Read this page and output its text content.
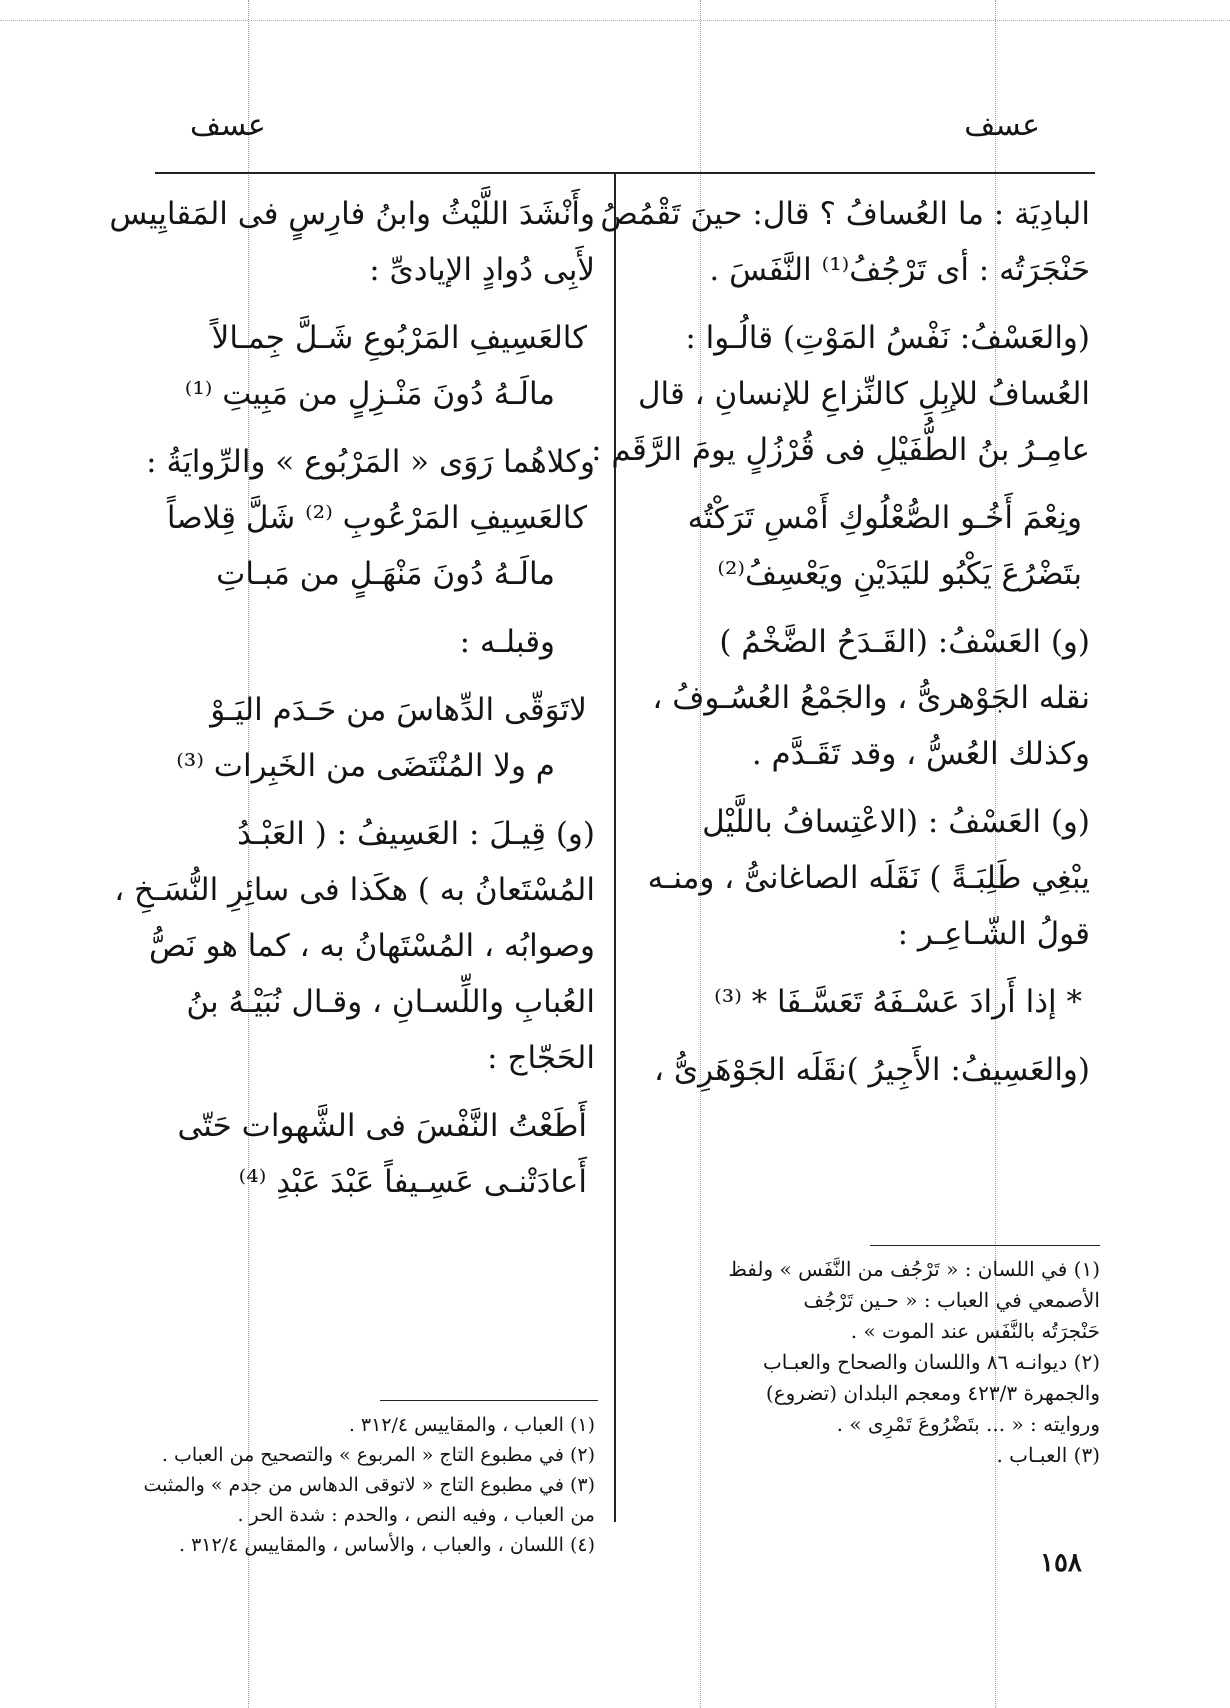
عسف
عسف
البادِيَة : ما العُسافُ ؟ قال: حينَ تَقْمُصُ
حَنْجَرَتُه : أى تَرْجُفُ⁽¹⁾ النَّفَسَ .
(والعَسْفُ: نَفْسُ المَوْتِ) قالُـوا :
العُسافُ للإبِلِ كالنِّزاعِ للإنسانِ ، قال
عامِـرُ بنُ الطُّفَيْلِ فى قُرْزُلٍ يومَ الرَّقَم :
ونِعْمَ أَخُـو الصُّعْلُوكِ أَمْسِ تَرَكْتُه
بتَضْرُعَ يَكْبُو لليَدَيْنِ ويَعْسِفُ⁽²⁾
(و) العَسْفُ: (القَـدَحُ الضَّخْمُ )
نقله الجَوْهرىُّ ، والجَمْعُ العُسُـوفُ ،
وكذلك العُسُّ ، وقد تَقَـدَّم .
(و) العَسْفُ : (الاعْتِسافُ باللَّيْل
يبْغِي طَلِبَـةً ) نَقَلَه الصاغانىُّ ، ومنـه
قولُ الشّـاعِـر :
* إذا أَرادَ عَسْـفَهُ تَعَسَّـفَا * ⁽³⁾
(والعَسِيفُ: الأَجِيرُ )نقَلَه الجَوْهَرِىُّ ،
وأَنْشَدَ اللَّيْثُ وابنُ فارِسٍ فى المَقايِيس
لأَبِى دُوادٍ الإيادىِّ :
كالعَسِيفِ المَرْبُوعِ شَـلَّ جِمـالاً
مالَـهُ دُونَ مَنْـزِلٍ من مَبِيتِ ⁽¹⁾
وكلاهُما رَوَى « المَرْبُوع » والرِّوايَةُ :
كالعَسِيفِ المَرْعُوبِ ⁽²⁾ شَلَّ قِلاصاً
مالَـهُ دُونَ مَنْهَـلٍ من مَبـاتِ
وقبلـه :
لاتَوَقّى الدِّهاسَ من حَـدَم اليَـوْ
م ولا المُنْتَضَى من الخَبِرات ⁽³⁾
(و) قِيـلَ : العَسِيفُ : ( العَبْـدُ
المُسْتَعانُ به ) هكَذا فى سائِرِ النُّسَـخِ ،
وصوابُه ، المُسْتَهانُ به ، كما هو نَصُّ
العُبابِ واللِّسـانِ ، وقـال نُبَيْـهُ بنُ
الحَجّاج :
أَطَعْتُ النَّفْسَ فى الشَّهوات حَتّى
أَعادَتْنـى عَسِـيفاً عَبْدَ عَبْدِ ⁽⁴⁾
(١) في اللسان : « تَرْجُف من النَّفَس » ولفظ
الأصمعي في العباب : « حـين تَرْجُف
حَنْجرَتُه بالنَّفَس عند الموت » .
(٢) ديوانـه ٨٦ واللسان والصحاح والعبـاب
والجمهرة ٤٢٣/٣ ومعجم البلدان (تضروع)
وروايته : « ... بتَضْرُوعَ تَمْرِى » .
(٣) العبـاب .
(١) العباب ، والمقاييس ٣١٢/٤ .
(٢) في مطبوع التاج « المربوع » والتصحيح من العباب .
(٣) في مطبوع التاج « لاتوقى الدهاس من جدم » والمثبت
من العباب ، وفيه النص ، والحدم : شدة الحر .
(٤) اللسان ، والعباب ، والأساس ، والمقاييس ٣١٢/٤ .
١٥٨
